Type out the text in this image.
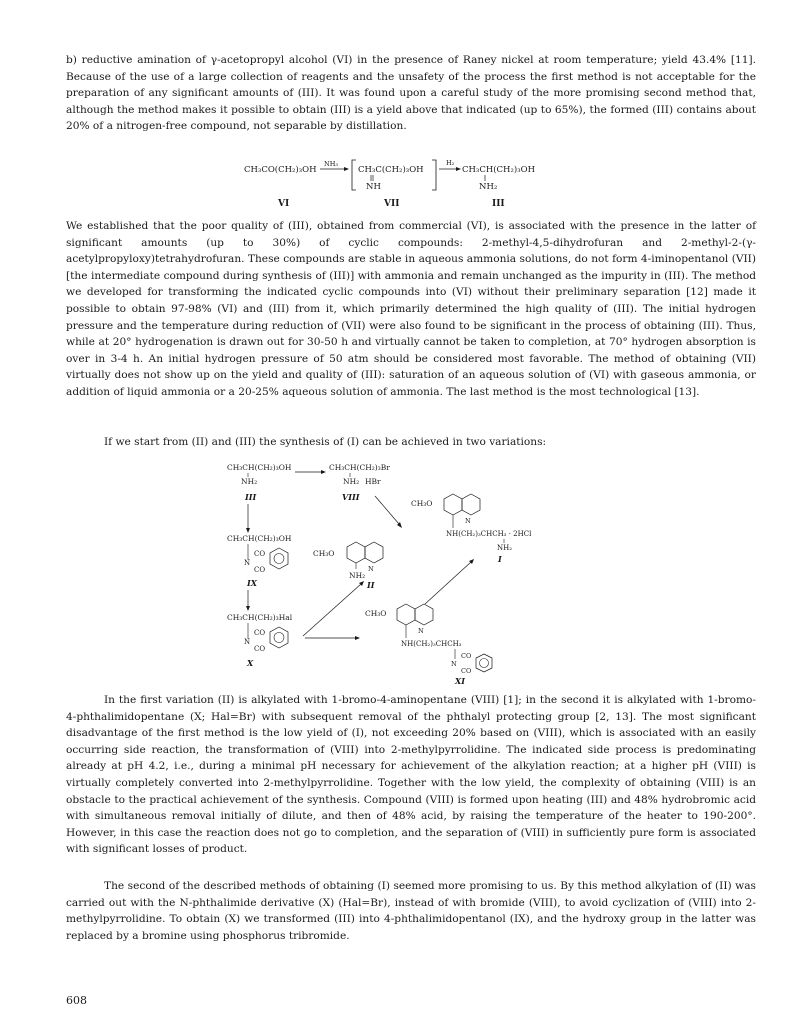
b) reductive amination of γ-acetopropyl alcohol (VI) in the presence of Raney nickel at room temperature; yield 43.4% [11]. Because of the use of a large collection of reagents and the unsafety of the process the first method is not acceptable for the preparation of any significant amounts of (III). It was found upon a careful study of the more promising second method that, although the method makes it possible to obtain (III) is a yield above that indicated (up to 65%), the formed (III) contains about 20% of a nitrogen-free compound, not separable by distillation.

CH₃CO(CH₂)₃OH
NH₃
CH₃C(CH₂)₃OH
NH
H₂
CH₃CH(CH₂)₃OH
NH₂
VI	VII	III

We established that the poor quality of (III), obtained from commercial (VI), is associated with the presence in the latter of significant amounts (up to 30%) of cyclic compounds: 2-methyl-4,5-dihydrofuran and 2-methyl-2-(γ-acetylpropyloxy)tetrahydrofuran. These compounds are stable in aqueous ammonia solutions, do not form 4-iminopentanol (VII) [the intermediate compound during synthesis of (III)] with ammonia and remain unchanged as the impurity in (III). The method we developed for transforming the indicated cyclic compounds into (VI) without their preliminary separation [12] made it possible to obtain 97-98% (VI) and (III) from it, which primarily determined the high quality of (III). The initial hydrogen pressure and the temperature during reduction of (VII) were also found to be significant in the process of obtaining (III). Thus, while at 20° hydrogenation is drawn out for 30-50 h and virtually cannot be taken to completion, at 70° hydrogen absorption is over in 3-4 h. An initial hydrogen pressure of 50 atm should be considered most favorable. The method of obtaining (VII) virtually does not show up on the yield and quality of (III): saturation of an aqueous solution of (VI) with gaseous ammonia, or addition of liquid ammonia or a 20-25% aqueous solution of ammonia. The last method is the most technological [13].

If we start from (II) and (III) the synthesis of (I) can be achieved in two variations:

CH₃CH(CH₂)₃OH
NH₂
III
CH₃CH(CH₂)₃Br
NH₂ HBr
VIII
CH₃CH(CH₂)₃OH
CO
N
CO
IX
CH₃CH(CH₂)₃Hal
CO
N
CO
X
CH₃O
N
NH₂
II
CH₃O
N
NH(CH₂)₃CHCH₃ · 2HCl
NH₂
I
CH₃O
N
NH(CH₂)₃CHCH₃
CO
N
CO
XI

In the first variation (II) is alkylated with 1-bromo-4-aminopentane (VIII) [1]; in the second it is alkylated with 1-bromo-4-phthalimidopentane (X; Hal=Br) with subsequent removal of the phthalyl protecting group [2, 13]. The most significant disadvantage of the first method is the low yield of (I), not exceeding 20% based on (VIII), which is associated with an easily occurring side reaction, the transformation of (VIII) into 2-methylpyrrolidine. The indicated side process is predominating already at pH 4.2, i.e., during a minimal pH necessary for achievement of the alkylation reaction; at a higher pH (VIII) is virtually completely converted into 2-methylpyrrolidine. Together with the low yield, the complexity of obtaining (VIII) is an obstacle to the practical achievement of the synthesis. Compound (VIII) is formed upon heating (III) and 48% hydrobromic acid with simultaneous removal initially of dilute, and then of 48% acid, by raising the temperature of the heater to 190-200°. However, in this case the reaction does not go to completion, and the separation of (VIII) in sufficiently pure form is associated with significant losses of product.

The second of the described methods of obtaining (I) seemed more promising to us. By this method alkylation of (II) was carried out with the N-phthalimide derivative (X) (Hal=Br), instead of with bromide (VIII), to avoid cyclization of (VIII) into 2-methylpyrrolidine. To obtain (X) we transformed (III) into 4-phthalimidopentanol (IX), and the hydroxy group in the latter was replaced by a bromine using phosphorus tribromide.

608
